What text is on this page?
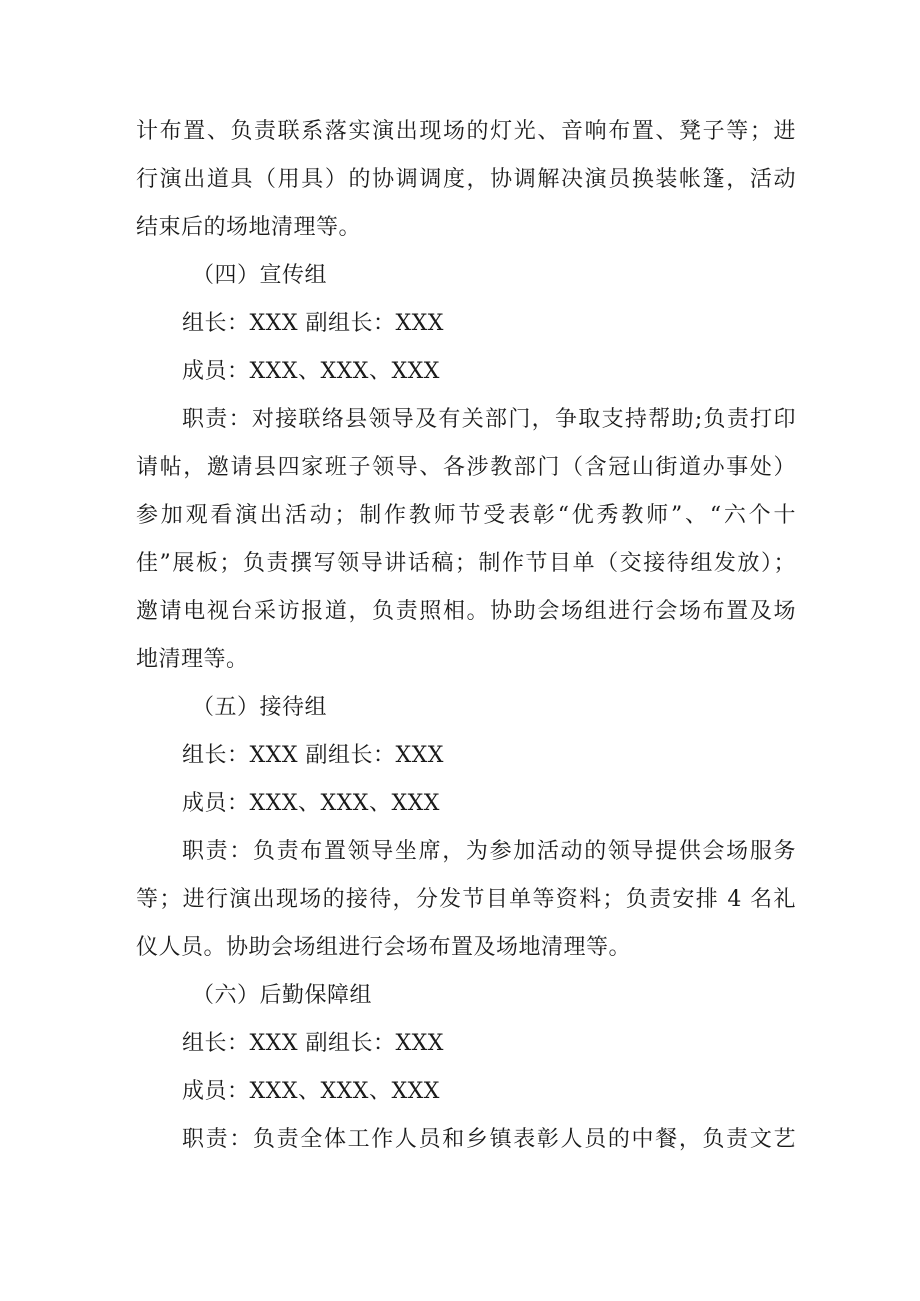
计布置、负责联系落实演出现场的灯光、音响布置、凳子等；进
行演出道具（用具）的协调调度，协调解决演员换装帐篷，活动
结束后的场地清理等。
（四）宣传组
组长：XXX 副组长：XXX
成员：XXX、XXX、XXX
职责：对接联络县领导及有关部门，争取支持帮助;负责打印
请帖，邀请县四家班子领导、各涉教部门（含冠山街道办事处）
参加观看演出活动；制作教师节受表彰“优秀教师”、“六个十
佳”展板；负责撰写领导讲话稿；制作节目单（交接待组发放）；
邀请电视台采访报道，负责照相。协助会场组进行会场布置及场
地清理等。
（五）接待组
组长：XXX 副组长：XXX
成员：XXX、XXX、XXX
职责：负责布置领导坐席，为参加活动的领导提供会场服务
等；进行演出现场的接待，分发节目单等资料；负责安排 4 名礼
仪人员。协助会场组进行会场布置及场地清理等。
（六）后勤保障组
组长：XXX 副组长：XXX
成员：XXX、XXX、XXX
职责：负责全体工作人员和乡镇表彰人员的中餐，负责文艺
